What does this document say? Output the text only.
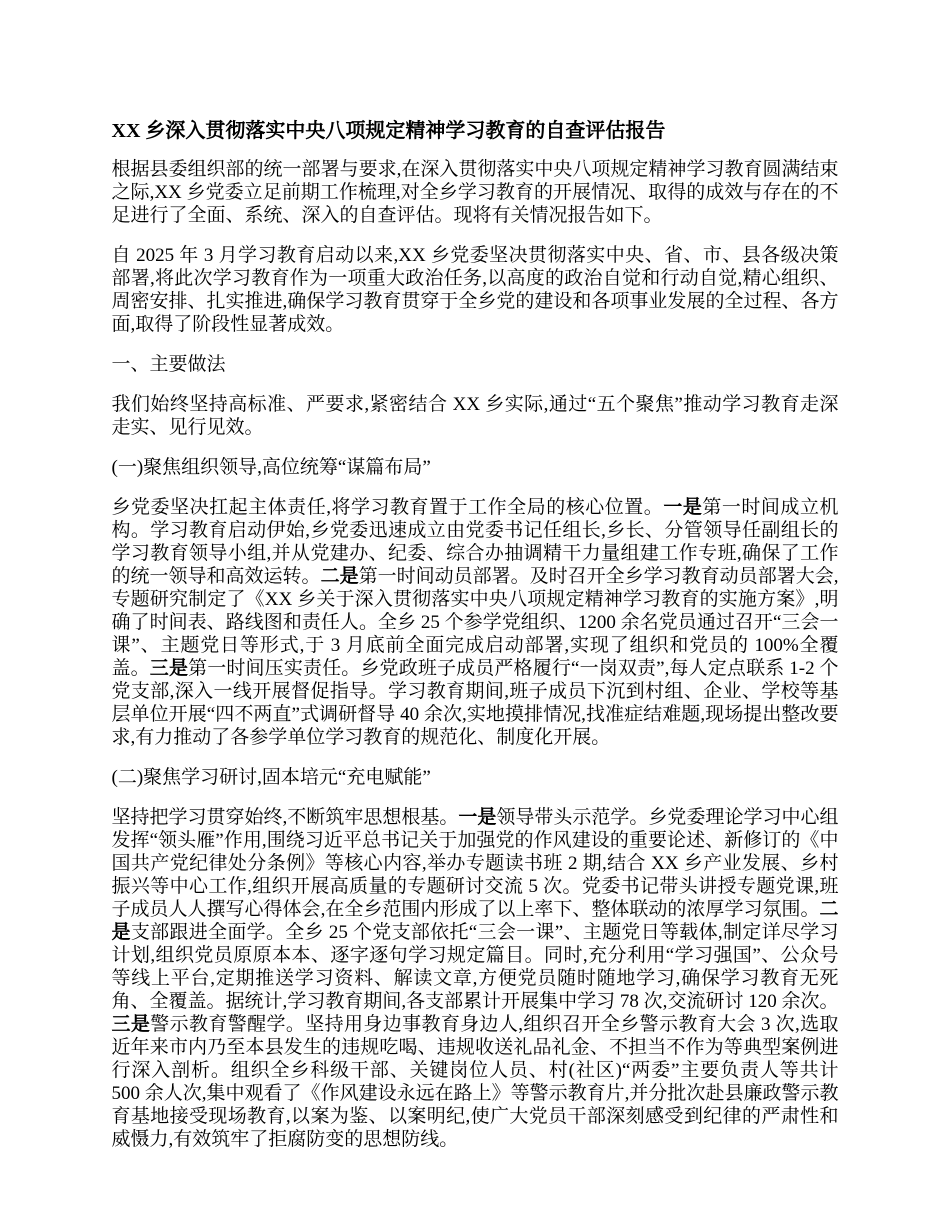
XX 乡深入贯彻落实中央八项规定精神学习教育的自查评估报告

根据县委组织部的统一部署与要求,在深入贯彻落实中央八项规定精神学习教育圆满结束之际,XX 乡党委立足前期工作梳理,对全乡学习教育的开展情况、取得的成效与存在的不足进行了全面、系统、深入的自查评估。现将有关情况报告如下。

自 2025 年 3 月学习教育启动以来,XX 乡党委坚决贯彻落实中央、省、市、县各级决策部署,将此次学习教育作为一项重大政治任务,以高度的政治自觉和行动自觉,精心组织、周密安排、扎实推进,确保学习教育贯穿于全乡党的建设和各项事业发展的全过程、各方面,取得了阶段性显著成效。

一、主要做法

我们始终坚持高标准、严要求,紧密结合 XX 乡实际,通过“五个聚焦”推动学习教育走深走实、见行见效。

(一)聚焦组织领导,高位统筹“谋篇布局”

乡党委坚决扛起主体责任,将学习教育置于工作全局的核心位置。一是第一时间成立机构。学习教育启动伊始,乡党委迅速成立由党委书记任组长,乡长、分管领导任副组长的学习教育领导小组,并从党建办、纪委、综合办抽调精干力量组建工作专班,确保了工作的统一领导和高效运转。二是第一时间动员部署。及时召开全乡学习教育动员部署大会,专题研究制定了《XX 乡关于深入贯彻落实中央八项规定精神学习教育的实施方案》,明确了时间表、路线图和责任人。全乡 25 个参学党组织、1200 余名党员通过召开“三会一课”、主题党日等形式,于 3 月底前全面完成启动部署,实现了组织和党员的 100%全覆盖。三是第一时间压实责任。乡党政班子成员严格履行“一岗双责”,每人定点联系 1-2 个党支部,深入一线开展督促指导。学习教育期间,班子成员下沉到村组、企业、学校等基层单位开展“四不两直”式调研督导 40 余次,实地摸排情况,找准症结难题,现场提出整改要求,有力推动了各参学单位学习教育的规范化、制度化开展。

(二)聚焦学习研讨,固本培元“充电赋能”

坚持把学习贯穿始终,不断筑牢思想根基。一是领导带头示范学。乡党委理论学习中心组发挥“领头雁”作用,围绕习近平总书记关于加强党的作风建设的重要论述、新修订的《中国共产党纪律处分条例》等核心内容,举办专题读书班 2 期,结合 XX 乡产业发展、乡村振兴等中心工作,组织开展高质量的专题研讨交流 5 次。党委书记带头讲授专题党课,班子成员人人撰写心得体会,在全乡范围内形成了以上率下、整体联动的浓厚学习氛围。二是支部跟进全面学。全乡 25 个党支部依托“三会一课”、主题党日等载体,制定详尽学习计划,组织党员原原本本、逐字逐句学习规定篇目。同时,充分利用“学习强国”、公众号等线上平台,定期推送学习资料、解读文章,方便党员随时随地学习,确保学习教育无死角、全覆盖。据统计,学习教育期间,各支部累计开展集中学习 78 次,交流研讨 120 余次。三是警示教育警醒学。坚持用身边事教育身边人,组织召开全乡警示教育大会 3 次,选取近年来市内乃至本县发生的违规吃喝、违规收送礼品礼金、不担当不作为等典型案例进行深入剖析。组织全乡科级干部、关键岗位人员、村(社区)“两委”主要负责人等共计 500 余人次,集中观看了《作风建设永远在路上》等警示教育片,并分批次赴县廉政警示教育基地接受现场教育,以案为鉴、以案明纪,使广大党员干部深刻感受到纪律的严肃性和威慑力,有效筑牢了拒腐防变的思想防线。
